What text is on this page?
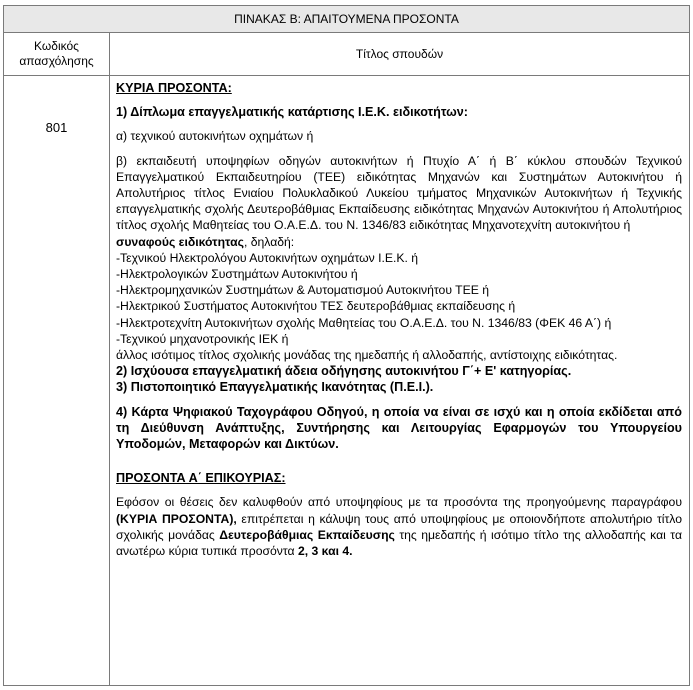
ΠΙΝΑΚΑΣ Β: ΑΠΑΙΤΟΥΜΕΝΑ ΠΡΟΣΟΝΤΑ
Κωδικός απασχόλησης	Τίτλος σπουδών
801

ΚΥΡΙΑ ΠΡΟΣΟΝΤΑ:

1) Δίπλωμα επαγγελματικής κατάρτισης Ι.Ε.Κ. ειδικοτήτων:

α) τεχνικού αυτοκινήτων οχημάτων ή

β) εκπαιδευτή υποψηφίων οδηγών αυτοκινήτων ή Πτυχίο Α΄ ή Β΄ κύκλου σπουδών Τεχνικού Επαγγελματικού Εκπαιδευτηρίου (ΤΕΕ) ειδικότητας Μηχανών και Συστημάτων Αυτοκινήτου ή Απολυτήριος τίτλος Ενιαίου Πολυκλαδικού Λυκείου τμήματος Μηχανικών Αυτοκινήτων ή Τεχνικής επαγγελματικής σχολής Δευτεροβάθμιας Εκπαίδευσης ειδικότητας Μηχανών Αυτοκινήτου ή Απολυτήριος τίτλος σχολής Μαθητείας του Ο.Α.Ε.Δ. του Ν. 1346/83 ειδικότητας Μηχανοτεχνίτη αυτοκινήτου ή

συναφούς ειδικότητας, δηλαδή:

-Τεχνικού Ηλεκτρολόγου Αυτοκινήτων οχημάτων Ι.Ε.Κ. ή

-Ηλεκτρολογικών Συστημάτων Αυτοκινήτου ή

-Ηλεκτρομηχανικών Συστημάτων & Αυτοματισμού Αυτοκινήτου ΤΕΕ ή

-Ηλεκτρικού Συστήματος Αυτοκινήτου ΤΕΣ δευτεροβάθμιας εκπαίδευσης ή

-Ηλεκτροτεχνίτη Αυτοκινήτων σχολής Μαθητείας του Ο.Α.Ε.Δ. του Ν. 1346/83 (ΦΕΚ 46 Α΄) ή

-Τεχνικού μηχανοτρονικής ΙΕΚ ή

άλλος ισότιμος τίτλος σχολικής μονάδας της ημεδαπής ή αλλοδαπής, αντίστοιχης ειδικότητας.

2) Ισχύουσα επαγγελματική άδεια οδήγησης αυτοκινήτου Γ΄+ Ε' κατηγορίας.

3) Πιστοποιητικό Επαγγελματικής Ικανότητας (Π.Ε.Ι.).

4) Κάρτα Ψηφιακού Ταχογράφου Οδηγού, η οποία να είναι σε ισχύ και η οποία εκδίδεται από τη Διεύθυνση Ανάπτυξης, Συντήρησης και Λειτουργίας Εφαρμογών του Υπουργείου Υποδομών, Μεταφορών και Δικτύων.

ΠΡΟΣΟΝΤΑ Α΄ ΕΠΙΚΟΥΡΙΑΣ:

Εφόσον οι θέσεις δεν καλυφθούν από υποψηφίους με τα προσόντα της προηγούμενης παραγράφου (ΚΥΡΙΑ ΠΡΟΣΟΝΤΑ), επιτρέπεται η κάλυψη τους από υποψηφίους με οποιονδήποτε απολυτήριο τίτλο σχολικής μονάδας Δευτεροβάθμιας Εκπαίδευσης της ημεδαπής ή ισότιμο τίτλο της αλλοδαπής και τα ανωτέρω κύρια τυπικά προσόντα 2, 3 και 4.
